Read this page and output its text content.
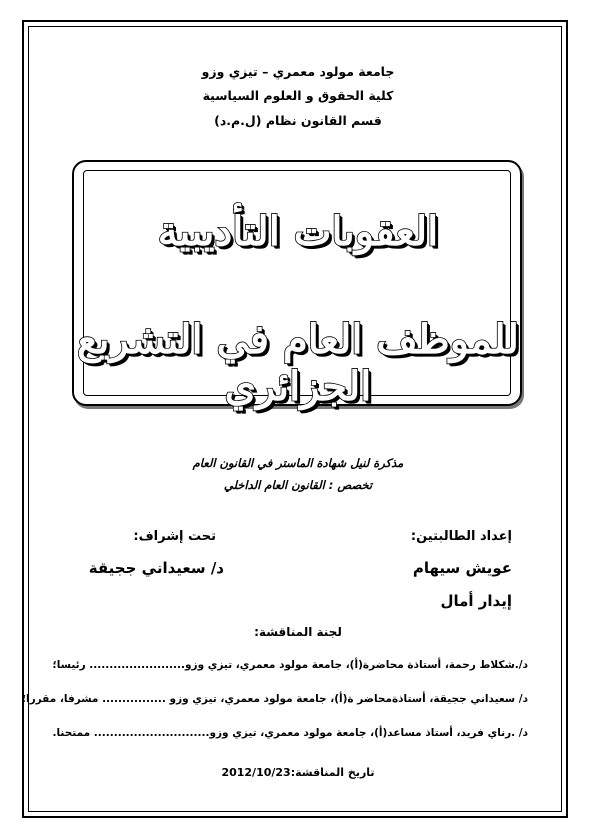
جامعة مولود معمري – تيزي وزو
كلية الحقوق و العلوم السياسية
قسم القانون نظام (ل.م.د)
العقوبات التأديبية
للموظف العام في التشريع الجزائري
مذكرة لنيل شهادة الماستر في القانون العام
تخصص : القانون العام الداخلي
إعداد الطالبتين:
عويش سيهام
إيدار أمال
تحت إشراف:
د/ سعيداني ججيقة
لجنة المناقشة:
د/.شكلاط رحمة، أستاذة محاضرة(أ)، جامعة مولود معمري، تيزي وزو........................ رئيسا؛
د/ سعيداني ججيقة، أستاذةمحاضر ة(أ)، جامعة مولود معمري، تيزي وزو ................ مشرفا، مقررا؛
د/ .رناي فريد، أستاذ مساعد(أ)، جامعة مولود معمري، تيزي وزو............................. ممتحنا.
تاريخ المناقشة:2012/10/23
